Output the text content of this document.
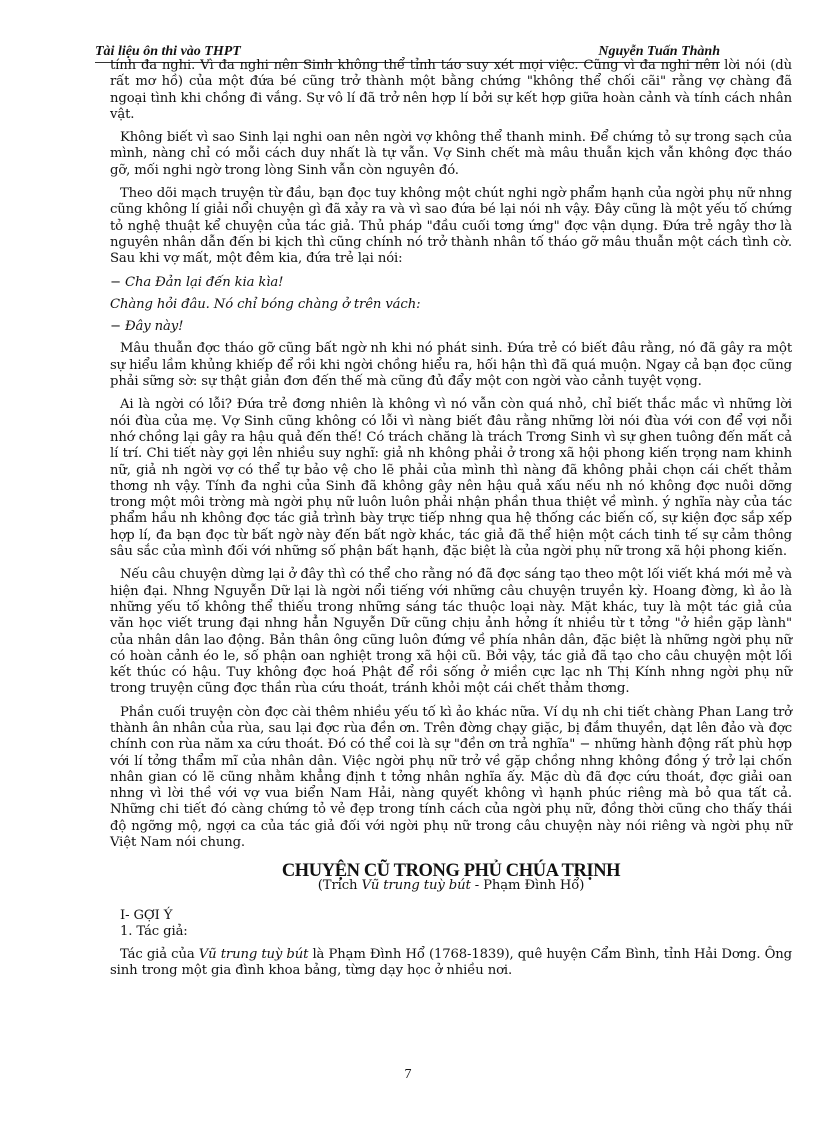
Tài liệu ôn thi vào THPT	Nguyễn Tuấn Thành

tính đa nghi. Vì đa nghi nên Sinh không thể tỉnh táo suy xét mọi việc. Cũng vì đa nghi nên lời nói (dù rất mơ hồ) của một đứa bé cũng trở thành một bằng chứng "không thể chối cãi" rằng vợ chàng đã ngoại tình khi chồng đi vắng. Sự vô lí đã trở nên hợp lí bởi sự kết hợp giữa hoàn cảnh và tính cách nhân vật.

Không biết vì sao Sinh lại nghi oan nên ngời vợ không thể thanh minh. Để chứng tỏ sự trong sạch của mình, nàng chỉ có mỗi cách duy nhất là tự vẫn. Vợ Sinh chết mà mâu thuẫn kịch vẫn không đợc tháo gỡ, mối nghi ngờ trong lòng Sinh vẫn còn nguyên đó.

Theo dõi mạch truyện từ đầu, bạn đọc tuy không một chút nghi ngờ phẩm hạnh của ngời phụ nữ nhng cũng không lí giải nổi chuyện gì đã xảy ra và vì sao đứa bé lại nói nh vậy. Đây cũng là một yếu tố chứng tỏ nghệ thuật kể chuyện của tác giả. Thủ pháp "đầu cuối tơng ứng" đợc vận dụng. Đứa trẻ ngây thơ là nguyên nhân dẫn đến bi kịch thì cũng chính nó trở thành nhân tố tháo gỡ mâu thuẫn một cách tình cờ. Sau khi vợ mất, một đêm kia, đứa trẻ lại nói:

− Cha Đản lại đến kia kìa!

Chàng hỏi đâu. Nó chỉ bóng chàng ở trên vách:

− Đây này!

Mâu thuẫn đợc tháo gỡ cũng bất ngờ nh khi nó phát sinh. Đứa trẻ có biết đâu rằng, nó đã gây ra một sự hiểu lầm khủng khiếp để rồi khi ngời chồng hiểu ra, hối hận thì đã quá muộn. Ngay cả bạn đọc cũng phải sững sờ: sự thật giản đơn đến thế mà cũng đủ đẩy một con ngời vào cảnh tuyệt vọng.

Ai là ngời có lỗi? Đứa trẻ đơng nhiên là không vì nó vẫn còn quá nhỏ, chỉ biết thắc mắc vì những lời nói đùa của mẹ. Vợ Sinh cũng không có lỗi vì nàng biết đâu rằng những lời nói đùa với con để vợi nỗi nhớ chồng lại gây ra hậu quả đến thế! Có trách chăng là trách Trơng Sinh vì sự ghen tuông đến mất cả lí trí. Chi tiết này gợi lên nhiều suy nghĩ: giả nh không phải ở trong xã hội phong kiến trọng nam khinh nữ, giả nh ngời vợ có thể tự bảo vệ cho lẽ phải của mình thì nàng đã không phải chọn cái chết thảm thơng nh vậy. Tính đa nghi của Sinh đã không gây nên hậu quả xấu nếu nh nó không đợc nuôi dỡng trong một môi trờng mà ngời phụ nữ luôn luôn phải nhận phần thua thiệt về mình. ý nghĩa này của tác phẩm hầu nh không đợc tác giả trình bày trực tiếp nhng qua hệ thống các biến cố, sự kiện đợc sắp xếp hợp lí, đa bạn đọc từ bất ngờ này đến bất ngờ khác, tác giả đã thể hiện một cách tinh tế sự cảm thông sâu sắc của mình đối với những số phận bất hạnh, đặc biệt là của ngời phụ nữ trong xã hội phong kiến.

Nếu câu chuyện dừng lại ở đây thì có thể cho rằng nó đã đợc sáng tạo theo một lối viết khá mới mẻ và hiện đại. Nhng Nguyễn Dữ lại là ngời nổi tiếng với những câu chuyện truyền kỳ. Hoang đờng, kì ảo là những yếu tố không thể thiếu trong những sáng tác thuộc loại này. Mặt khác, tuy là một tác giả của văn học viết trung đại nhng hẳn Nguyễn Dữ cũng chịu ảnh hởng ít nhiều từ t tởng "ở hiền gặp lành" của nhân dân lao động. Bản thân ông cũng luôn đứng về phía nhân dân, đặc biệt là những ngời phụ nữ có hoàn cảnh éo le, số phận oan nghiệt trong xã hội cũ. Bởi vậy, tác giả đã tạo cho câu chuyện một lối kết thúc có hậu. Tuy không đợc hoá Phật để rồi sống ở miền cực lạc nh Thị Kính nhng ngời phụ nữ trong truyện cũng đợc thần rùa cứu thoát, tránh khỏi một cái chết thảm thơng.

Phần cuối truyện còn đợc cài thêm nhiều yếu tố kì ảo khác nữa. Ví dụ nh chi tiết chàng Phan Lang trở thành ân nhân của rùa, sau lại đợc rùa đền ơn. Trên đờng chạy giặc, bị đắm thuyền, dạt lên đảo và đợc chính con rùa năm xa cứu thoát. Đó có thể coi là sự "đền ơn trả nghĩa" − những hành động rất phù hợp với lí tởng thẩm mĩ của nhân dân. Việc ngời phụ nữ trở về gặp chồng nhng không đồng ý trở lại chốn nhân gian có lẽ cũng nhằm khẳng định t tởng nhân nghĩa ấy. Mặc dù đã đợc cứu thoát, đợc giải oan nhng vì lời thề với vợ vua biển Nam Hải, nàng quyết không vì hạnh phúc riêng mà bỏ qua tất cả. Những chi tiết đó càng chứng tỏ vẻ đẹp trong tính cách của ngời phụ nữ, đồng thời cũng cho thấy thái độ ngỡng mộ, ngợi ca của tác giả đối với ngời phụ nữ trong câu chuyện này nói riêng và ngời phụ nữ Việt Nam nói chung.

CHUYỆN CŨ TRONG PHỦ CHÚA TRỊNH
(Trích Vũ trung tuỳ bút - Phạm Đình Hổ)

I- GỢI Ý

1. Tác giả:

Tác giả của Vũ trung tuỳ bút là Phạm Đình Hổ (1768-1839), quê huyện Cẩm Bình, tỉnh Hải Dơng. Ông sinh trong một gia đình khoa bảng, từng dạy học ở nhiều nơi.

7
